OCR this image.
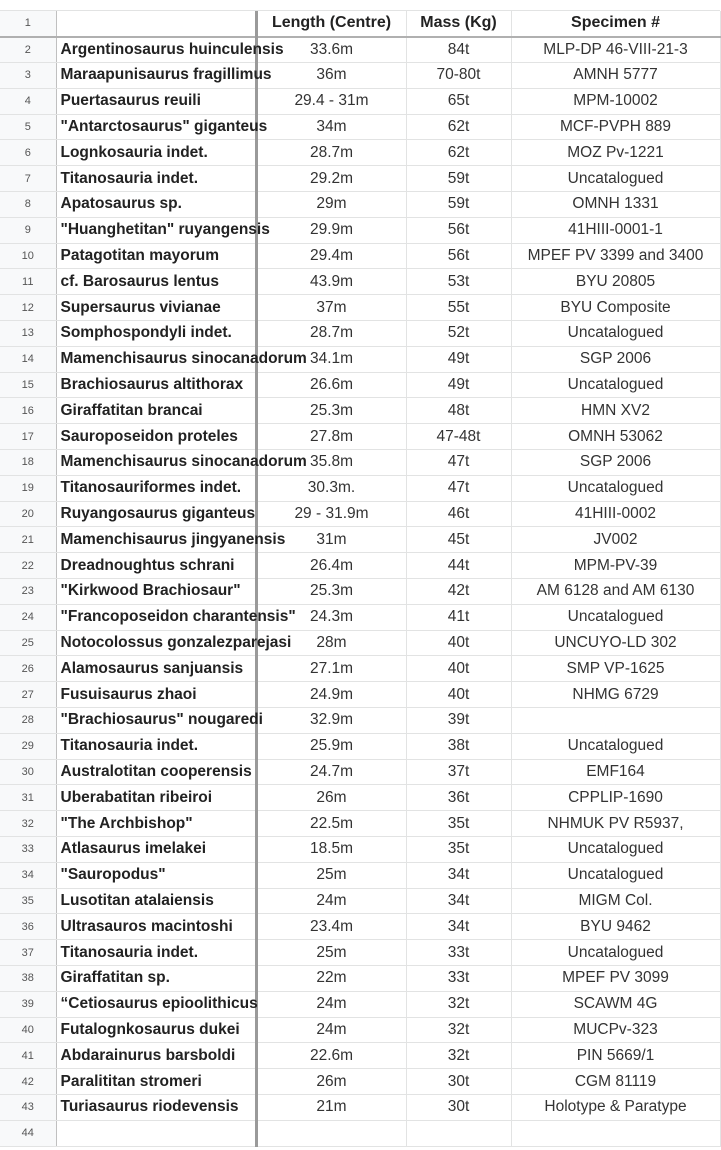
1		Length (Centre)	Mass (Kg)	Specimen #
2	Argentinosaurus huinculensis	33.6m	84t	MLP-DP 46-VIII-21-3
3	Maraapunisaurus fragillimus	36m	70-80t	AMNH 5777
4	Puertasaurus reuili	29.4 - 31m	65t	MPM-10002
5	"Antarctosaurus" giganteus	34m	62t	MCF-PVPH 889
6	Lognkosauria indet.	28.7m	62t	MOZ Pv-1221
7	Titanosauria indet.	29.2m	59t	Uncatalogued
8	Apatosaurus sp.	29m	59t	OMNH 1331
9	"Huanghetitan" ruyangensis	29.9m	56t	41HIII-0001-1
10	Patagotitan mayorum	29.4m	56t	MPEF PV 3399 and 3400
11	cf. Barosaurus lentus	43.9m	53t	BYU 20805
12	Supersaurus vivianae	37m	55t	BYU Composite
13	Somphospondyli indet.	28.7m	52t	Uncatalogued
14	Mamenchisaurus sinocanadorum	34.1m	49t	SGP 2006
15	Brachiosaurus altithorax	26.6m	49t	Uncatalogued
16	Giraffatitan brancai	25.3m	48t	HMN XV2
17	Sauroposeidon proteles	27.8m	47-48t	OMNH 53062
18	Mamenchisaurus sinocanadorum	35.8m	47t	SGP 2006
19	Titanosauriformes indet.	30.3m.	47t	Uncatalogued
20	Ruyangosaurus giganteus	29 - 31.9m	46t	41HIII-0002
21	Mamenchisaurus jingyanensis	31m	45t	JV002
22	Dreadnoughtus schrani	26.4m	44t	MPM-PV-39
23	"Kirkwood Brachiosaur"	25.3m	42t	AM 6128 and AM 6130
24	"Francoposeidon charantensis"	24.3m	41t	Uncatalogued
25	Notocolossus gonzalezparejasi	28m	40t	UNCUYO-LD 302
26	Alamosaurus sanjuansis	27.1m	40t	SMP VP-1625
27	Fusuisaurus zhaoi	24.9m	40t	NHMG 6729
28	"Brachiosaurus" nougaredi	32.9m	39t	
29	Titanosauria indet.	25.9m	38t	Uncatalogued
30	Australotitan cooperensis	24.7m	37t	EMF164
31	Uberabatitan ribeiroi	26m	36t	CPPLIP-1690
32	"The Archbishop"	22.5m	35t	NHMUK PV R5937,
33	Atlasaurus imelakei	18.5m	35t	Uncatalogued
34	"Sauropodus"	25m	34t	Uncatalogued
35	Lusotitan atalaiensis	24m	34t	MIGM Col.
36	Ultrasauros macintoshi	23.4m	34t	BYU 9462
37	Titanosauria indet.	25m	33t	Uncatalogued
38	Giraffatitan sp.	22m	33t	MPEF PV 3099
39	“Cetiosaurus epioolithicus	24m	32t	SCAWM 4G
40	Futalognkosaurus dukei	24m	32t	MUCPv-323
41	Abdarainurus barsboldi	22.6m	32t	PIN 5669/1
42	Paralititan stromeri	26m	30t	CGM 81119
43	Turiasaurus riodevensis	21m	30t	Holotype & Paratype
44				
